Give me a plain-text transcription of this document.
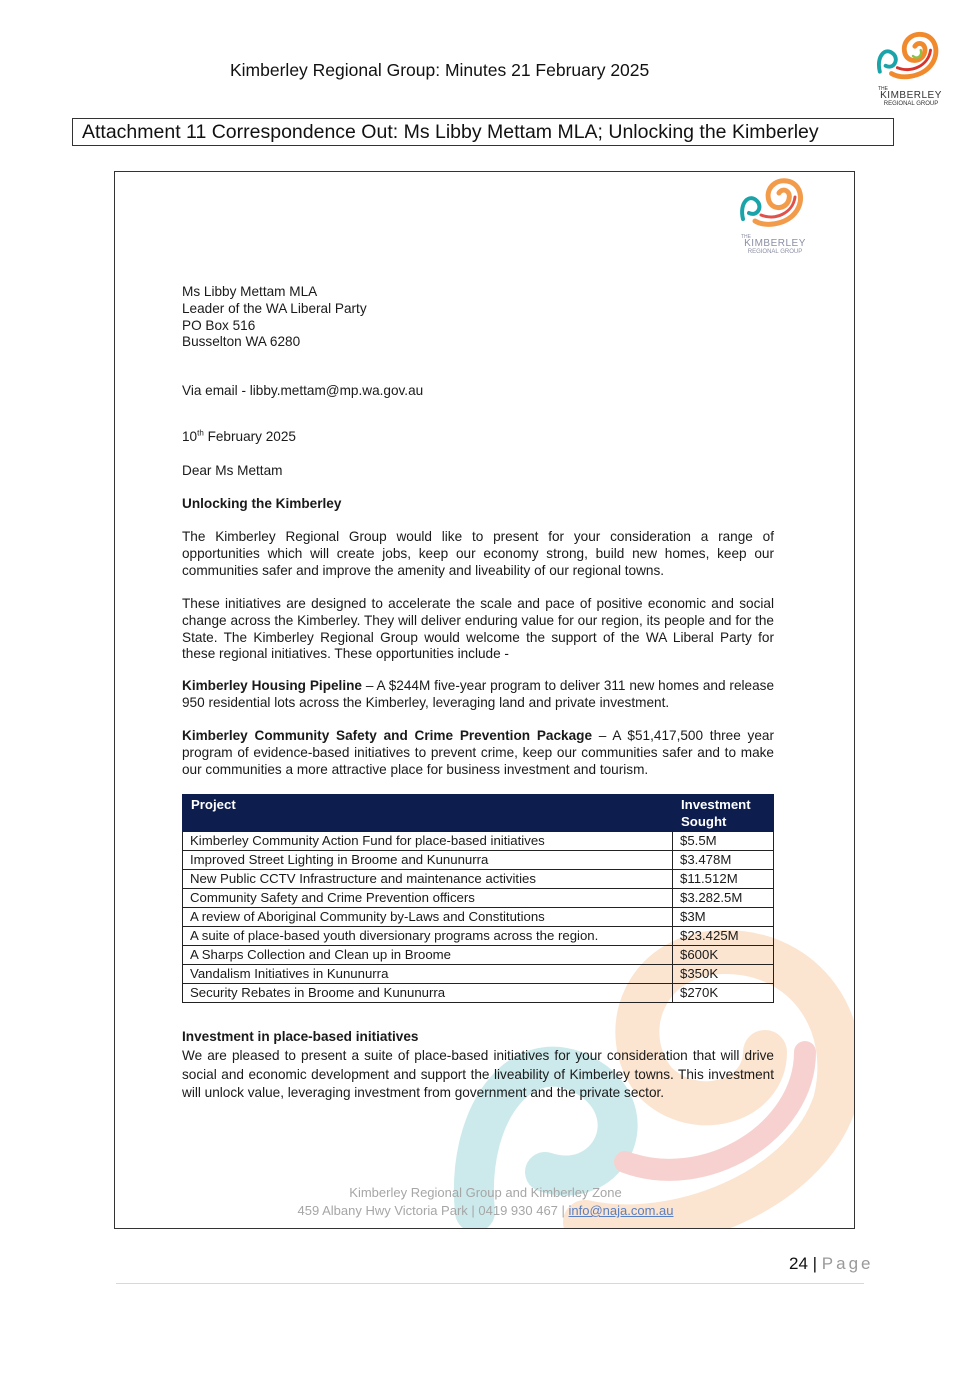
Kimberley Regional Group: Minutes 21 February 2025
THE
KIMBERLEY
REGIONAL GROUP
Attachment 11 Correspondence Out: Ms Libby Mettam MLA; Unlocking the Kimberley
THE
KIMBERLEY
REGIONAL GROUP
Ms Libby Mettam MLA
Leader of the WA Liberal Party
PO Box 516
Busselton WA 6280
Via email - libby.mettam@mp.wa.gov.au
10th February 2025
Dear Ms Mettam
Unlocking the Kimberley
The Kimberley Regional Group would like to present for your consideration a range of opportunities which will create jobs, keep our economy strong, build new homes, keep our communities safer and improve the amenity and liveability of our regional towns.
These initiatives are designed to accelerate the scale and pace of positive economic and social change across the Kimberley. They will deliver enduring value for our region, its people and for the State. The Kimberley Regional Group would welcome the support of the WA Liberal Party for these regional initiatives. These opportunities include -
Kimberley Housing Pipeline – A $244M five-year program to deliver 311 new homes and release 950 residential lots across the Kimberley, leveraging land and private investment.
Kimberley Community Safety and Crime Prevention Package – A $51,417,500 three year program of evidence-based initiatives to prevent crime, keep our communities safer and to make our communities a more attractive place for business investment and tourism.
Project	Investment
Sought
Kimberley Community Action Fund for place-based initiatives	$5.5M
Improved Street Lighting in Broome and Kununurra	$3.478M
New Public CCTV Infrastructure and maintenance activities	$11.512M
Community Safety and Crime Prevention officers	$3.282.5M
A review of Aboriginal Community by-Laws and Constitutions	$3M
A suite of place-based youth diversionary programs across the region.	$23.425M
A Sharps Collection and Clean up in Broome	$600K
Vandalism Initiatives in Kununurra	$350K
Security Rebates in Broome and Kununurra	$270K
Investment in place-based initiatives
We are pleased to present a suite of place-based initiatives for your consideration that will drive social and economic development and support the liveability of Kimberley towns. This investment will unlock value, leveraging investment from government and the private sector.
Kimberley Regional Group and Kimberley Zone
459 Albany Hwy Victoria Park | 0419 930 467 | info@naja.com.au
24 | Page
